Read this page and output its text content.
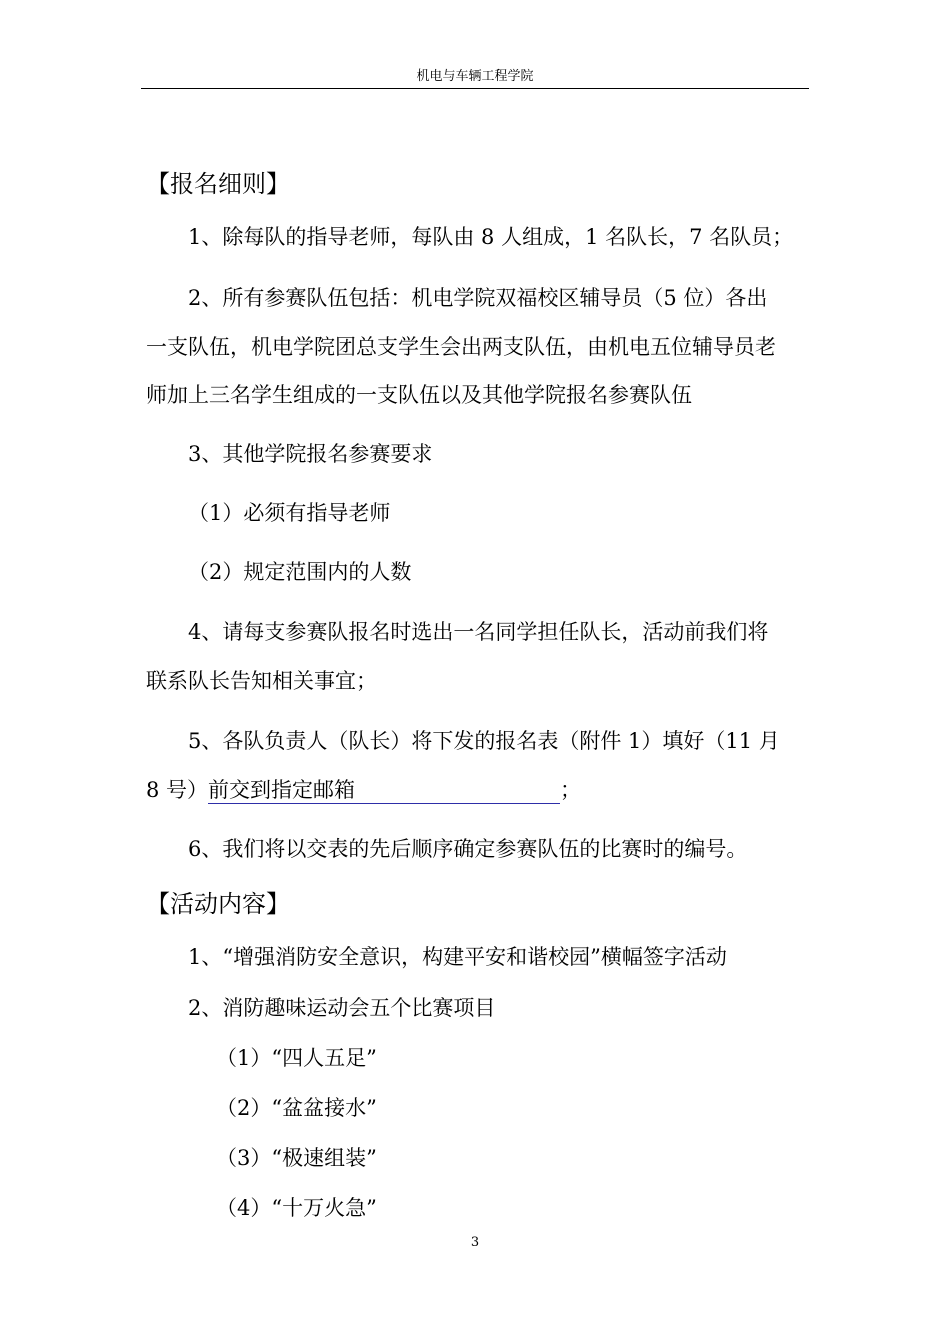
机电与车辆工程学院
【报名细则】
1、除每队的指导老师，每队由 8 人组成，1 名队长，7 名队员；
2、所有参赛队伍包括：机电学院双福校区辅导员（5 位）各出
一支队伍，机电学院团总支学生会出两支队伍，由机电五位辅导员老
师加上三名学生组成的一支队伍以及其他学院报名参赛队伍
3、其他学院报名参赛要求
（1）必须有指导老师
（2）规定范围内的人数
4、请每支参赛队报名时选出一名同学担任队长，活动前我们将
联系队长告知相关事宜；
5、各队负责人（队长）将下发的报名表（附件 1）填好（11 月
8 号）前交到指定邮箱	；
6、我们将以交表的先后顺序确定参赛队伍的比赛时的编号。
【活动内容】
1、“增强消防安全意识，构建平安和谐校园”横幅签字活动
2、消防趣味运动会五个比赛项目
（1）“四人五足”
（2）“盆盆接水”
（3）“极速组装”
（4）“十万火急”
3
